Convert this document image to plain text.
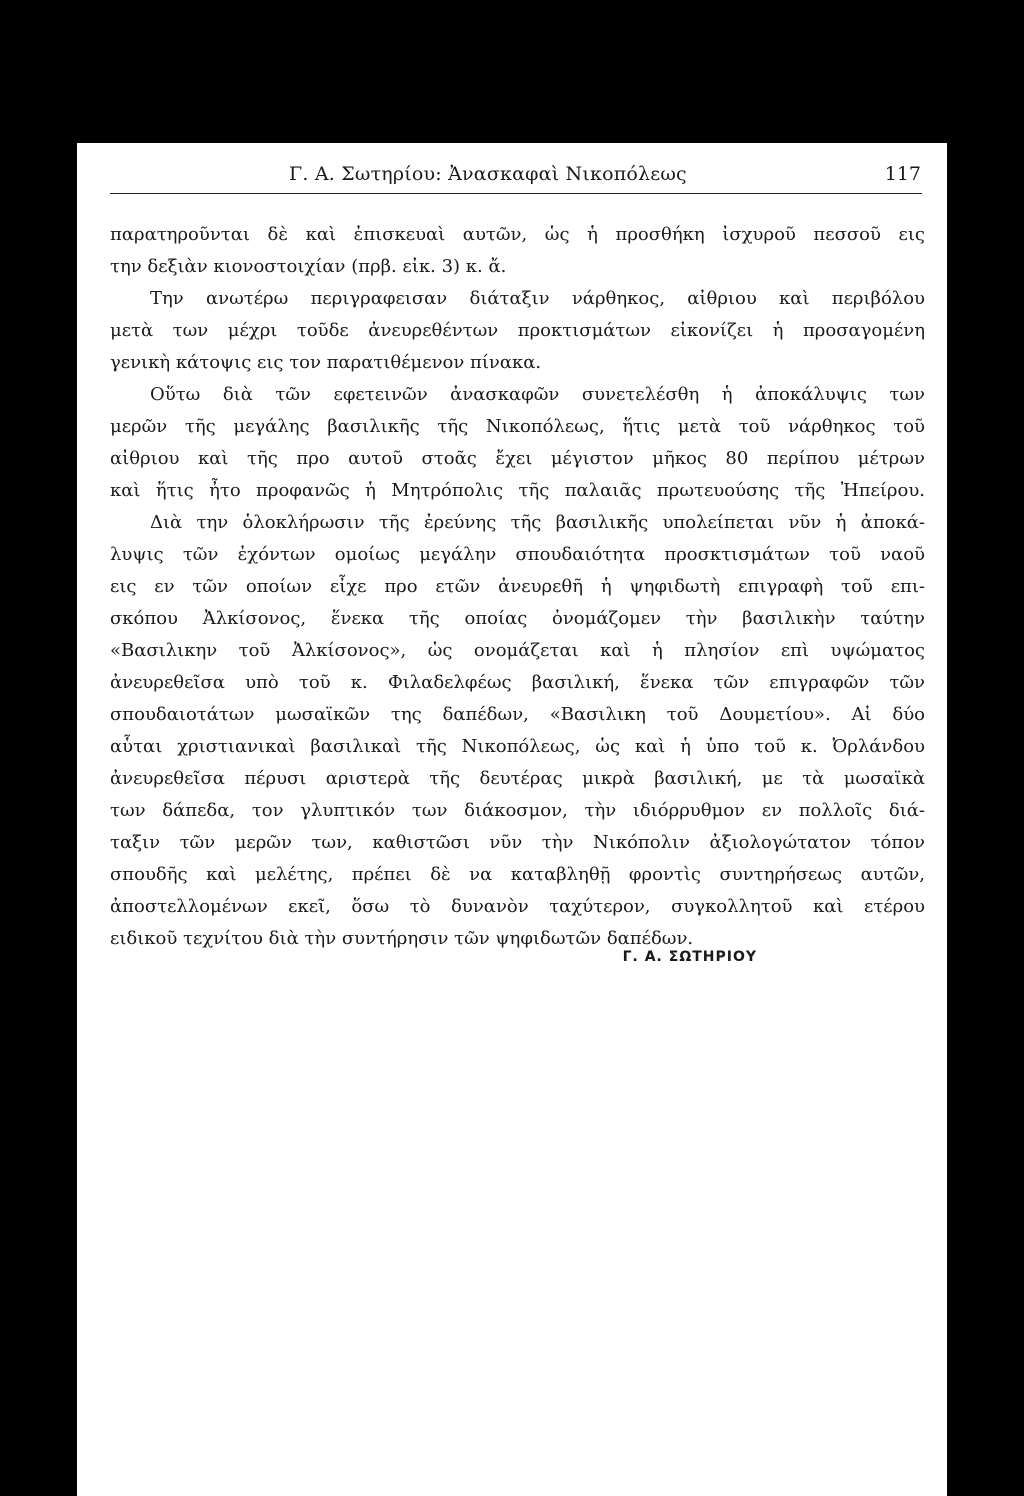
Γ. Α. Σωτηρίου: Ἀνασκαφαὶ Νικοπόλεως	117
παρατηροῦνται δὲ καὶ ἐπισκευαὶ αυτῶν, ὡς ἡ προσθήκη ἰσχυροῦ πεσσοῦ εις
την δεξιὰν κιονοστοιχίαν (πρβ. εἰκ. 3) κ. ἄ.
Την ανωτέρω περιγραφεισαν διάταξιν νάρθηκος, αἰθριου καὶ περιβόλου
μετὰ των μέχρι τοῦδε ἀνευρεθέντων προκτισμάτων εἰκονίζει ἡ προσαγομένη
γενικὴ κάτοψις εις τον παρατιθέμενον πίνακα.
Οὕτω διὰ τῶν εφετεινῶν ἀνασκαφῶν συνετελέσθη ἡ ἀποκάλυψις των
μερῶν τῆς μεγάλης βασιλικῆς τῆς Νικοπόλεως, ἥτις μετὰ τοῦ νάρθηκος τοῦ
αἰθριου καὶ τῆς προ αυτοῦ στοᾶς ἔχει μέγιστον μῆκος 80 περίπου μέτρων
καὶ ἥτις ἦτο προφανῶς ἡ Μητρόπολις τῆς παλαιᾶς πρωτευούσης τῆς Ἠπείρου.
Διὰ την ὁλοκλήρωσιν τῆς ἐρεύνης τῆς βασιλικῆς υπολείπεται νῦν ἡ ἀποκά-
λυψις τῶν ἐχόντων ομοίως μεγάλην σπουδαιότητα προσκτισμάτων τοῦ ναοῦ
εις εν τῶν οποίων εἶχε προ ετῶν ἀνευρεθῆ ἡ ψηφιδωτὴ επιγραφὴ τοῦ επι-
σκόπου Ἀλκίσονος, ἕνεκα τῆς οποίας ὀνομάζομεν τὴν βασιλικὴν ταύτην
«Βασιλικην τοῦ Ἀλκίσονος», ὡς ονομάζεται καὶ ἡ πλησίον επὶ υψώματος
ἀνευρεθεῖσα υπὸ τοῦ κ. Φιλαδελφέως βασιλική, ἕνεκα τῶν επιγραφῶν τῶν
σπουδαιοτάτων μωσαϊκῶν της δαπέδων, «Βασιλικη τοῦ Δουμετίου». Αἱ δύο
αὗται χριστιανικαὶ βασιλικαὶ τῆς Νικοπόλεως, ὡς καὶ ἡ ὑπο τοῦ κ. Ὀρλάνδου
ἀνευρεθεῖσα πέρυσι αριστερὰ τῆς δευτέρας μικρὰ βασιλική, με τὰ μωσαϊκὰ
των δάπεδα, τον γλυπτικόν των διάκοσμον, τὴν ιδιόρρυθμον εν πολλοῖς διά-
ταξιν τῶν μερῶν των, καθιστῶσι νῦν τὴν Νικόπολιν ἀξιολογώτατον τόπον
σπουδῆς καὶ μελέτης, πρέπει δὲ να καταβληθῇ φροντὶς συντηρήσεως αυτῶν,
ἀποστελλομένων εκεῖ, ὅσω τὸ δυνανὸν ταχύτερον, συγκολλητοῦ καὶ ετέρου
ειδικοῦ τεχνίτου διὰ τὴν συντήρησιν τῶν ψηφιδωτῶν δαπέδων.
Γ. Α. ΣΩΤΗΡΙΟΥ
